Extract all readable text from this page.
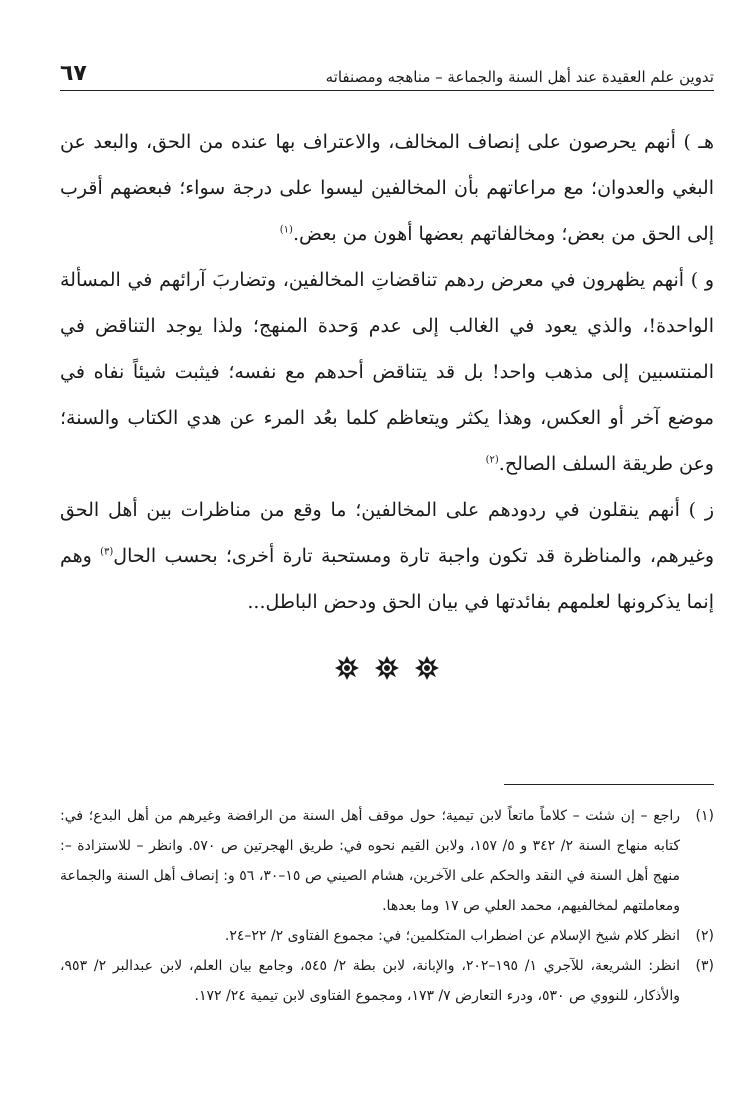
تدوين علم العقيدة عند أهل السنة والجماعة – مناهجه ومصنفاته
٦٧

هـ ) أنهم يحرصون على إنصاف المخالف، والاعتراف بها عنده من الحق، والبعد عن البغي والعدوان؛ مع مراعاتهم بأن المخالفين ليسوا على درجة سواء؛ فبعضهم أقرب إلى الحق من بعض؛ ومخالفاتهم بعضها أهون من بعض.$^{(١)}$

و ) أنهم يظهرون في معرض ردهم تناقضاتِ المخالفين، وتضاربَ آرائهم في المسألة الواحدة!، والذي يعود في الغالب إلى عدم وَحدة المنهج؛ ولذا يوجد التناقض في المنتسبين إلى مذهب واحد! بل قد يتناقض أحدهم مع نفسه؛ فيثبت شيئاً نفاه في موضع آخر أو العكس، وهذا يكثر ويتعاظم كلما بعُد المرء عن هدي الكتاب والسنة؛ وعن طريقة السلف الصالح.$^{(٢)}$

ز ) أنهم ينقلون في ردودهم على المخالفين؛ ما وقع من مناظرات بين أهل الحق وغيرهم، والمناظرة قد تكون واجبة تارة ومستحبة تارة أخرى؛ بحسب الحال$^{(٣)}$ وهم إنما يذكرونها لعلمهم بفائدتها في بيان الحق ودحض الباطل...

(١)
راجع – إن شئت – كلاماً ماتعاً لابن تيمية؛ حول موقف أهل السنة من الرافضة وغيرهم من أهل البدع؛ في: كتابه منهاج السنة ٢/ ٣٤٢ و ٥/ ١٥٧، ولابن القيم نحوه في: طريق الهجرتين ص ٥٧٠. وانظر – للاستزادة –: منهج أهل السنة في النقد والحكم على الآخرين، هشام الصيني ص ١٥–٣٠، ٥٦ و: إنصاف أهل السنة والجماعة ومعاملتهم لمخالفيهم، محمد العلي ص ١٧ وما بعدها.
(٢)
انظر كلام شيخ الإسلام عن اضطراب المتكلمين؛ في: مجموع الفتاوى ٢/ ٢٢–٢٤.
(٣)
انظر: الشريعة، للآجري ١/ ١٩٥–٢٠٢، والإبانة، لابن بطة ٢/ ٥٤٥، وجامع بيان العلم، لابن عبدالبر ٢/ ٩٥٣، والأذكار، للنووي ص ٥٣٠، ودرء التعارض ٧/ ١٧٣، ومجموع الفتاوى لابن تيمية ٢٤/ ١٧٢.
